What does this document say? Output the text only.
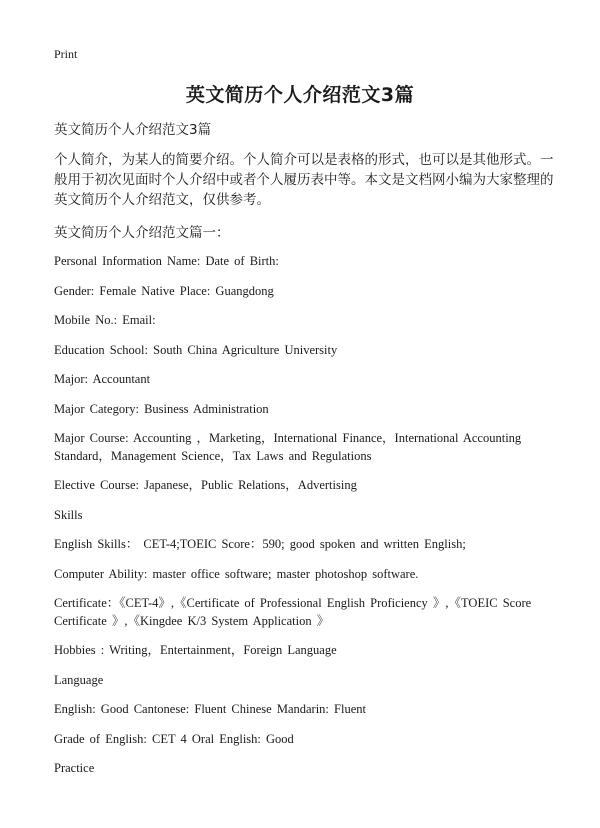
Print
英文简历个人介绍范文3篇
英文简历个人介绍范文3篇
个人简介，为某人的简要介绍。个人简介可以是表格的形式，也可以是其他形式。一般用于初次见面时个人介绍中或者个人履历表中等。本文是文档网小编为大家整理的英文简历个人介绍范文，仅供参考。
英文简历个人介绍范文篇一：
Personal Information Name: Date of Birth:
Gender: Female Native Place: Guangdong
Mobile No.: Email:
Education School: South China Agriculture University
Major: Accountant
Major Category: Business Administration
Major Course: Accounting ，Marketing，International Finance，International Accounting Standard，Management Science，Tax Laws and Regulations
Elective Course: Japanese，Public Relations，Advertising
Skills
English Skills： CET-4;TOEIC Score：590; good spoken and written English;
Computer Ability: master office software; master photoshop software.
Certificate：《CET-4》,《Certificate of Professional English Proficiency 》,《TOEIC Score Certificate 》,《Kingdee K/3 System Application 》
Hobbies : Writing，Entertainment，Foreign Language
Language
English: Good Cantonese: Fluent Chinese Mandarin: Fluent
Grade of English: CET 4 Oral English: Good
Practice
